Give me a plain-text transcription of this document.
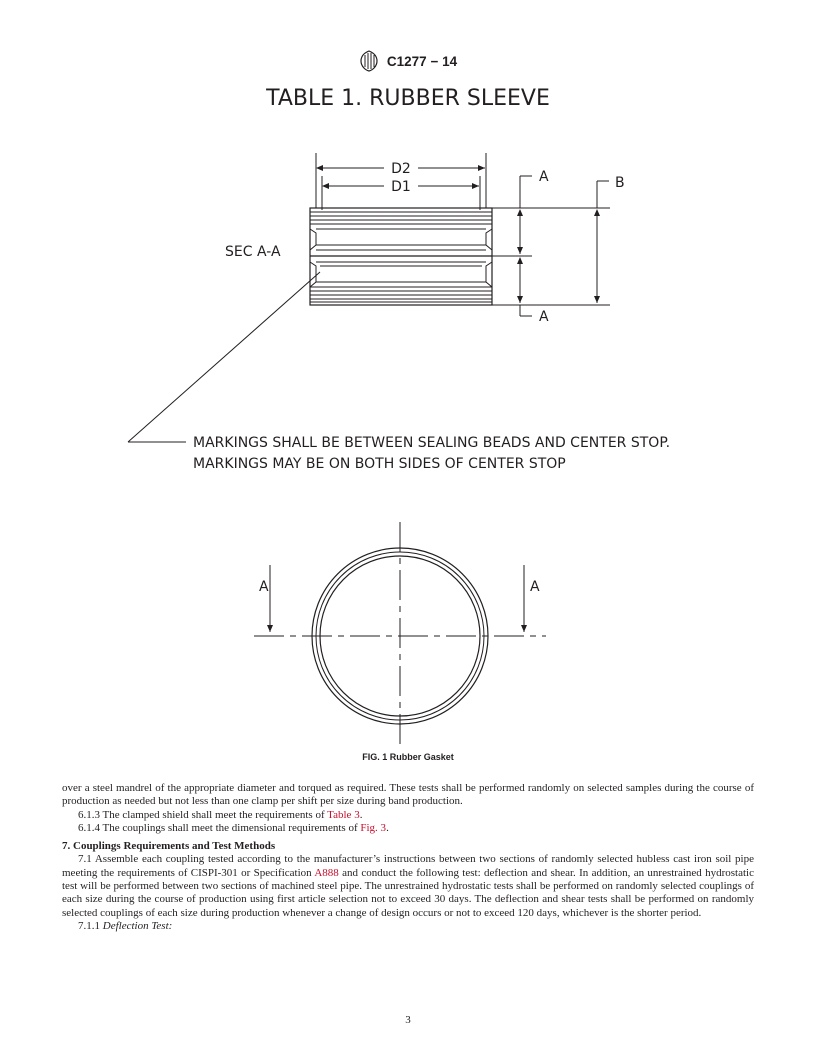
C1277 − 14
TABLE 1. RUBBER SLEEVE
D2
D1
A	B
A
SEC A-A
MARKINGS SHALL BE BETWEEN SEALING BEADS AND CENTER STOP.
MARKINGS MAY BE ON BOTH SIDES OF CENTER STOP
A	A
FIG. 1 Rubber Gasket

over a steel mandrel of the appropriate diameter and torqued as required. These tests shall be performed randomly on selected samples during the course of production as needed but not less than one clamp per shift per size during band production.

6.1.3 The clamped shield shall meet the requirements of Table 3.

6.1.4 The couplings shall meet the dimensional requirements of Fig. 3.

7. Couplings Requirements and Test Methods

7.1 Assemble each coupling tested according to the manufacturer’s instructions between two sections of randomly selected hubless cast iron soil pipe meeting the requirements of CISPI-301 or Specification A888 and conduct the following test: deflection and shear. In addition, an unrestrained hydrostatic test will be performed between two sections of machined steel pipe. The unrestrained hydrostatic tests shall be performed on randomly selected couplings of each size during the course of production using first article selection not to exceed 30 days. The deflection and shear tests shall be performed on randomly selected couplings of each size during production whenever a change of design occurs or not to exceed 120 days, whichever is the shorter period.

7.1.1 Deflection Test:

3
